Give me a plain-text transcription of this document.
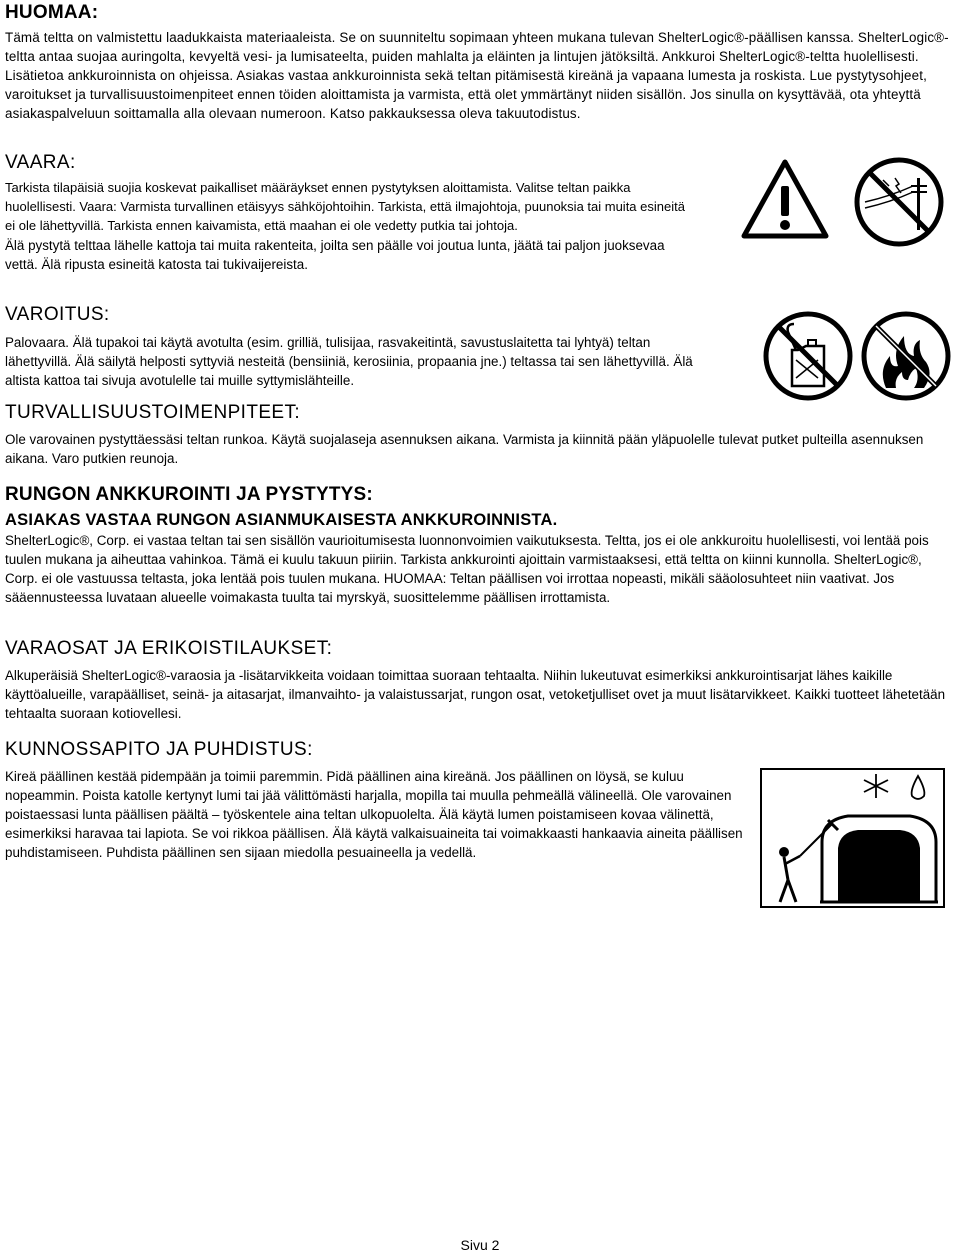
HUOMAA:

Tämä teltta on valmistettu laadukkaista materiaaleista. Se on suunniteltu sopimaan yhteen mukana tulevan ShelterLogic®-päällisen kanssa. ShelterLogic®-teltta antaa suojaa auringolta, kevyeltä vesi- ja lumisateelta, puiden mahlalta ja eläinten ja lintujen jätöksiltä. Ankkuroi ShelterLogic®-teltta huolellisesti. Lisätietoa ankkuroinnista on ohjeissa. Asiakas vastaa ankkuroinnista sekä teltan pitämisestä kireänä ja vapaana lumesta ja roskista. Lue pystytysohjeet, varoitukset ja turvallisuustoimenpiteet ennen töiden aloittamista ja varmista, että olet ymmärtänyt niiden sisällön. Jos sinulla on kysyttävää, ota yhteyttä asiakaspalveluun soittamalla alla olevaan numeroon. Katso pakkauksessa oleva takuutodistus.

VAARA:

Tarkista tilapäisiä suojia koskevat paikalliset määräykset ennen pystytyksen aloittamista. Valitse teltan paikka huolellisesti. Vaara: Varmista turvallinen etäisyys sähköjohtoihin. Tarkista, että ilmajohtoja, puunoksia tai muita esineitä ei ole lähettyvillä. Tarkista ennen kaivamista, että maahan ei ole vedetty putkia tai johtoja.

Älä pystytä telttaa lähelle kattoja tai muita rakenteita, joilta sen päälle voi joutua lunta, jäätä tai paljon juoksevaa vettä. Älä ripusta esineitä katosta tai tukivaijereista.

VAROITUS:

Palovaara. Älä tupakoi tai käytä avotulta (esim. grilliä, tulisijaa, rasvakeitintä, savustuslaitetta tai lyhtyä) teltan lähettyvillä. Älä säilytä helposti syttyviä nesteitä (bensiiniä, kerosiinia, propaania jne.) teltassa tai sen lähettyvillä. Älä altista kattoa tai sivuja avotulelle tai muille syttymislähteille.

TURVALLISUUSTOIMENPITEET:

Ole varovainen pystyttäessäsi teltan runkoa. Käytä suojalaseja asennuksen aikana. Varmista ja kiinnitä pään yläpuolelle tulevat putket pulteilla asennuksen aikana. Varo putkien reunoja.

RUNGON ANKKUROINTI JA PYSTYTYS:
ASIAKAS VASTAA RUNGON ASIANMUKAISESTA ANKKUROINNISTA.

ShelterLogic®, Corp. ei vastaa teltan tai sen sisällön vaurioitumisesta luonnonvoimien vaikutuksesta. Teltta, jos ei ole ankkuroitu huolellisesti, voi lentää pois tuulen mukana ja aiheuttaa vahinkoa. Tämä ei kuulu takuun piiriin. Tarkista ankkurointi ajoittain varmistaaksesi, että teltta on kiinni kunnolla. ShelterLogic®, Corp. ei ole vastuussa teltasta, joka lentää pois tuulen mukana. HUOMAA: Teltan päällisen voi irrottaa nopeasti, mikäli sääolosuhteet niin vaativat. Jos sääennusteessa luvataan alueelle voimakasta tuulta tai myrskyä, suosittelemme päällisen irrottamista.

VARAOSAT JA ERIKOISTILAUKSET:

Alkuperäisiä ShelterLogic®-varaosia ja -lisätarvikkeita voidaan toimittaa suoraan tehtaalta. Niihin lukeutuvat esimerkiksi ankkurointisarjat lähes kaikille käyttöalueille, varapäälliset, seinä- ja aitasarjat, ilmanvaihto- ja valaistussarjat, rungon osat, vetoketjulliset ovet ja muut lisätarvikkeet. Kaikki tuotteet lähetetään tehtaalta suoraan kotiovellesi.

KUNNOSSAPITO JA PUHDISTUS:

Kireä päällinen kestää pidempään ja toimii paremmin. Pidä päällinen aina kireänä. Jos päällinen on löysä, se kuluu nopeammin. Poista katolle kertynyt lumi tai jää välittömästi harjalla, mopilla tai muulla pehmeällä välineellä. Ole varovainen poistaessasi lunta päällisen päältä – työskentele aina teltan ulkopuolelta. Älä käytä lumen poistamiseen kovaa välinettä, esimerkiksi haravaa tai lapiota. Se voi rikkoa päällisen. Älä käytä valkaisuaineita tai voimakkaasti hankaavia aineita päällisen puhdistamiseen. Puhdista päällinen sen sijaan miedolla pesuaineella ja vedellä.

Sivu 2
